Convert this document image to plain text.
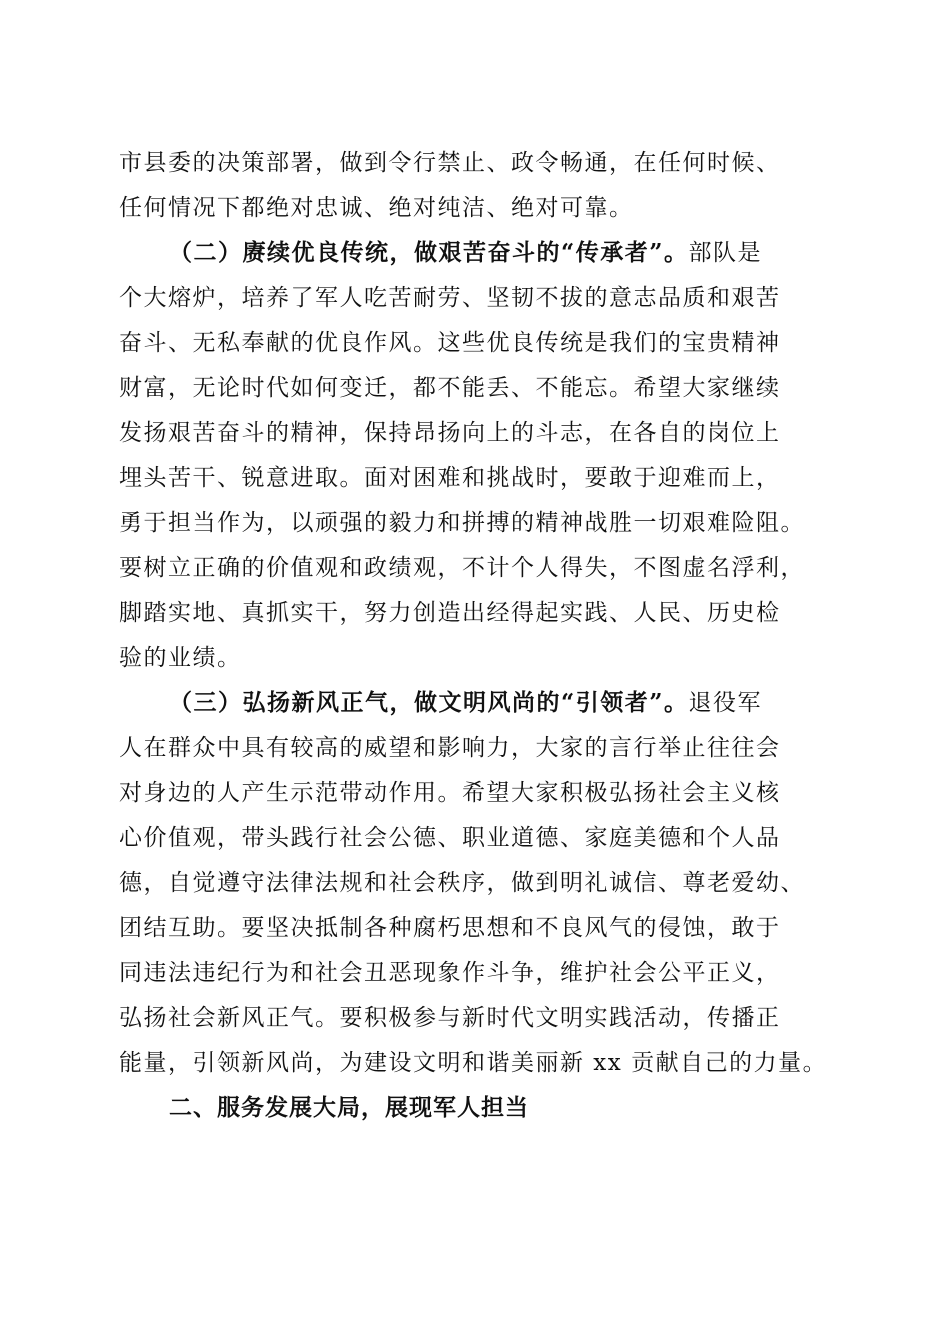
市县委的决策部署，做到令行禁止、政令畅通，在任何时候、
任何情况下都绝对忠诚、绝对纯洁、绝对可靠。
（二）赓续优良传统，做艰苦奋斗的“传承者”。部队是
个大熔炉，培养了军人吃苦耐劳、坚韧不拔的意志品质和艰苦
奋斗、无私奉献的优良作风。这些优良传统是我们的宝贵精神
财富，无论时代如何变迁，都不能丢、不能忘。希望大家继续
发扬艰苦奋斗的精神，保持昂扬向上的斗志，在各自的岗位上
埋头苦干、锐意进取。面对困难和挑战时，要敢于迎难而上，
勇于担当作为，以顽强的毅力和拼搏的精神战胜一切艰难险阻。
要树立正确的价值观和政绩观，不计个人得失，不图虚名浮利，
脚踏实地、真抓实干，努力创造出经得起实践、人民、历史检
验的业绩。
（三）弘扬新风正气，做文明风尚的“引领者”。退役军
人在群众中具有较高的威望和影响力，大家的言行举止往往会
对身边的人产生示范带动作用。希望大家积极弘扬社会主义核
心价值观，带头践行社会公德、职业道德、家庭美德和个人品
德，自觉遵守法律法规和社会秩序，做到明礼诚信、尊老爱幼、
团结互助。要坚决抵制各种腐朽思想和不良风气的侵蚀，敢于
同违法违纪行为和社会丑恶现象作斗争，维护社会公平正义，
弘扬社会新风正气。要积极参与新时代文明实践活动，传播正
能量，引领新风尚，为建设文明和谐美丽新 xx 贡献自己的力量。
二、服务发展大局，展现军人担当
